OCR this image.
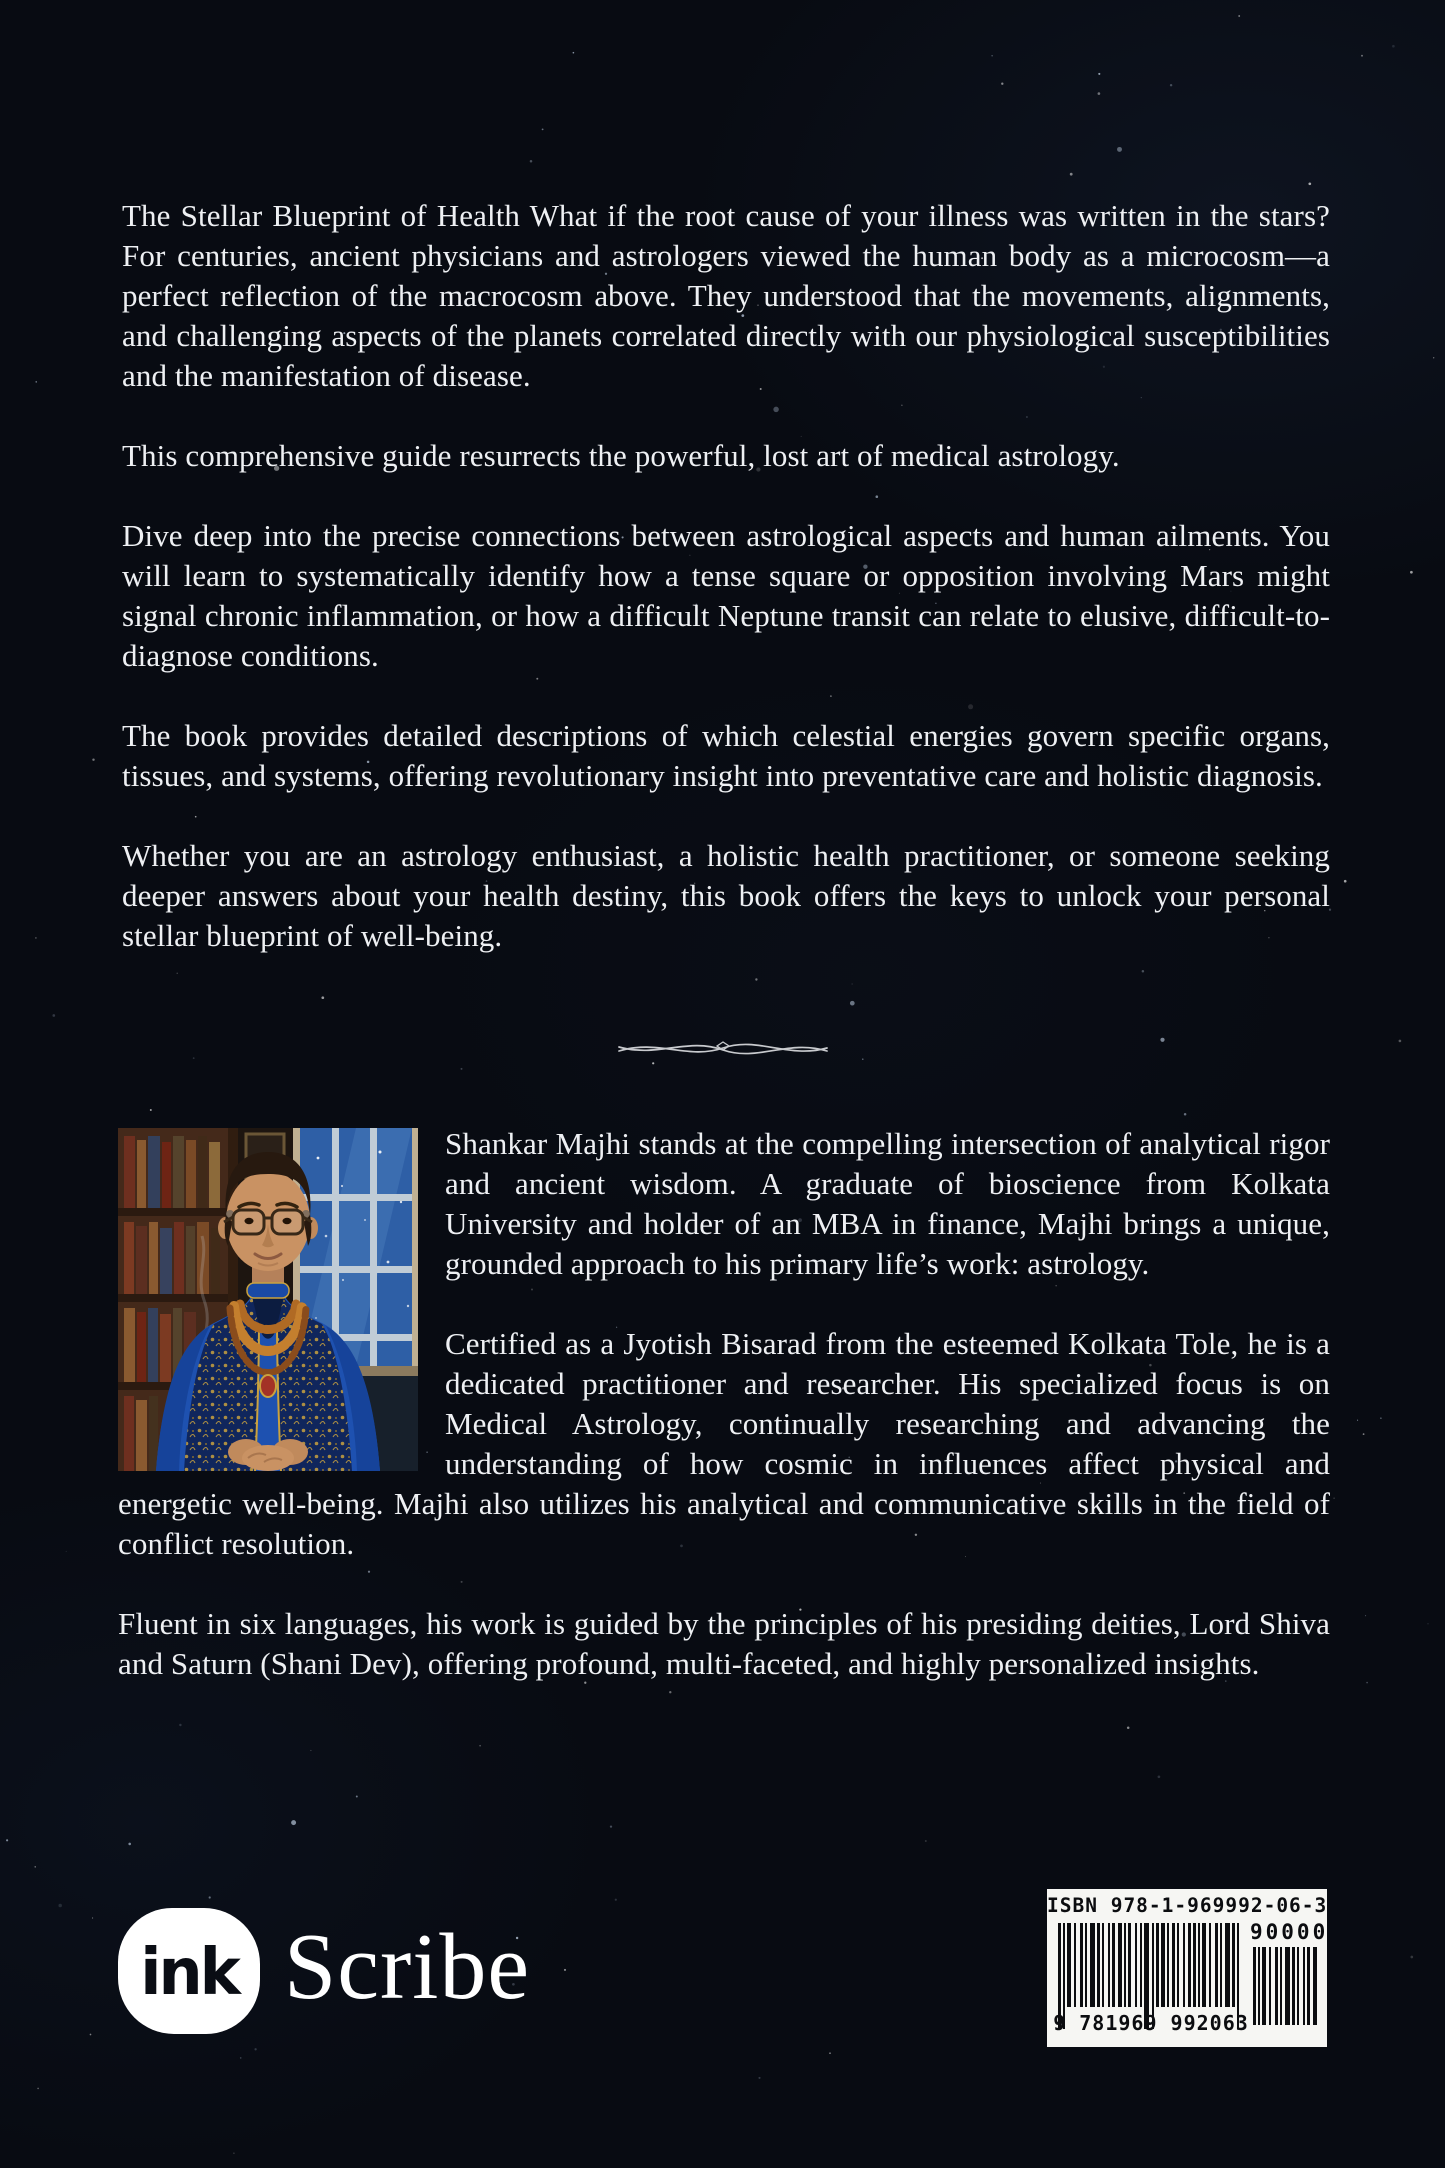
The Stellar Blueprint of Health What if the root cause of your illness was written in the stars? For centuries, ancient physicians and astrologers viewed the human body as a microcosm—a perfect reflection of the macrocosm above. They understood that the movements, alignments, and challenging aspects of the planets correlated directly with our physiological susceptibilities and the manifestation of disease.

This comprehensive guide resurrects the powerful, lost art of medical astrology.

Dive deep into the precise connections between astrological aspects and human ailments. You will learn to systematically identify how a tense square or opposition involving Mars might signal chronic inflammation, or how a difficult Neptune transit can relate to elusive, difficult-to-diagnose conditions.

The book provides detailed descriptions of which celestial energies govern specific organs, tissues, and systems, offering revolutionary insight into preventative care and holistic diagnosis.

Whether you are an astrology enthusiast, a holistic health practitioner, or someone seeking deeper answers about your health destiny, this book offers the keys to unlock your personal stellar blueprint of well-being.

Shankar Majhi stands at the compelling intersection of analytical rigor and ancient wisdom. A graduate of bioscience from Kolkata University and holder of an MBA in finance, Majhi brings a unique, grounded approach to his primary life’s work: astrology.

Certified as a Jyotish Bisarad from the esteemed Kolkata Tole, he is a dedicated practitioner and researcher. His specialized focus is on Medical Astrology, continually researching and advancing the understanding of how cosmic in influences affect physical and energetic well-being. Majhi also utilizes his analytical and communicative skills in the field of conflict resolution.

Fluent in six languages, his work is guided by the principles of his presiding deities, Lord Shiva and Saturn (Shani Dev), offering profound, multi-faceted, and highly personalized insights.

ink Scribe
ISBN 978-1-969992-06-3
90000
9 781969 992063
